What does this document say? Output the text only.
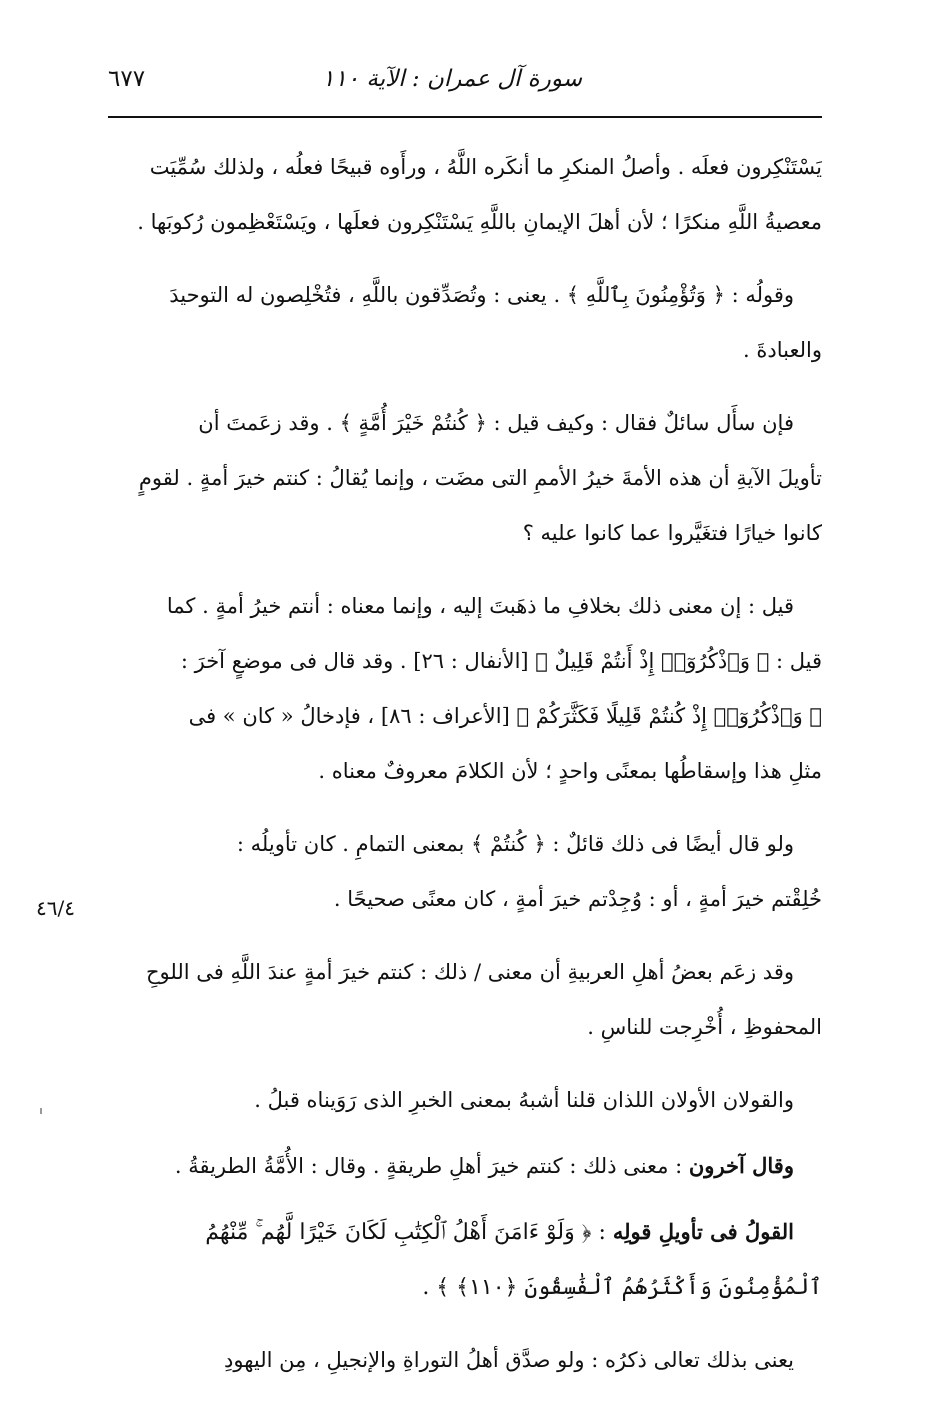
٦٧٧	سورة آل عمران : الآية ١١٠
٤٦/٤

يَسْتَنْكِرون فعلَه . وأصلُ المنكرِ ما أنكَره اللَّهُ ، ورأَوه قبيحًا فعلُه ، ولذلك سُمِّيَت
معصيةُ اللَّهِ منكرًا ؛ لأن أهلَ الإيمانِ باللَّهِ يَسْتَنْكِرون فعلَها ، ويَسْتَعْظِمون رُكوبَها .

وقولُه : ﴿ وَتُؤْمِنُونَ بِٱللَّهِ ﴾ . يعنى : وتُصَدِّقون باللَّهِ ، فتُخْلِصون له التوحيدَ
والعبادةَ .

فإن سأَل سائلٌ فقال : وكيف قيل : ﴿ كُنتُمْ خَيْرَ أُمَّةٍ ﴾ . وقد زعَمتَ أن
تأويلَ الآيةِ أن هذه الأمةَ خيرُ الأممِ التى مضَت ، وإنما يُقالُ : كنتم خيرَ أمةٍ . لقومٍ
كانوا خيارًا فتغَيَّروا عما كانوا عليه ؟

قيل : إن معنى ذلك بخلافِ ما ذهَبتَ إليه ، وإنما معناه : أنتم خيرُ أمةٍ . كما
قيل : ﴿ وَٱذْكُرُوٓا۟ إِذْ أَنتُمْ قَلِيلٌ ﴾ [الأنفال : ٢٦] . وقد قال فى موضعٍ آخرَ :
﴿ وَٱذْكُرُوٓا۟ إِذْ كُنتُمْ قَلِيلًا فَكَثَّرَكُمْ ﴾ [الأعراف : ٨٦] ، فإدخالُ « كان » فى
مثلِ هذا وإسقاطُها بمعنًى واحدٍ ؛ لأن الكلامَ معروفٌ معناه .

ولو قال أيضًا فى ذلك قائلٌ : ﴿ كُنتُمْ ﴾ بمعنى التمامِ . كان تأويلُه :
خُلِقْتم خيرَ أمةٍ ، أو : وُجِدْتم خيرَ أمةٍ ، كان معنًى صحيحًا .

وقد زعَم بعضُ أهلِ العربيةِ أن معنى / ذلك : كنتم خيرَ أمةٍ عندَ اللَّهِ فى اللوحِ
المحفوظِ ، أُخْرِجت للناسِ .

والقولان الأولان اللذان قلنا أشبهُ بمعنى الخبرِ الذى رَوَيناه قبلُ .

وقال آخرون : معنى ذلك : كنتم خيرَ أهلِ طريقةٍ . وقال : الأُمَّةُ الطريقةُ .

القولُ فى تأويلِ قولِه : ﴿ وَلَوْ ءَامَنَ أَهْلُ ٱلْكِتَٰبِ لَكَانَ خَيْرًا لَّهُم ۚ مِّنْهُمُ
ٱلْمُؤْمِنُونَ وَأَكْثَرُهُمُ ٱلْفَٰسِقُونَ ﴿١١٠﴾ ﴾ .

يعنى بذلك تعالى ذكرُه : ولو صدَّق أهلُ التوراةِ والإنجيلِ ، مِن اليهودِ
